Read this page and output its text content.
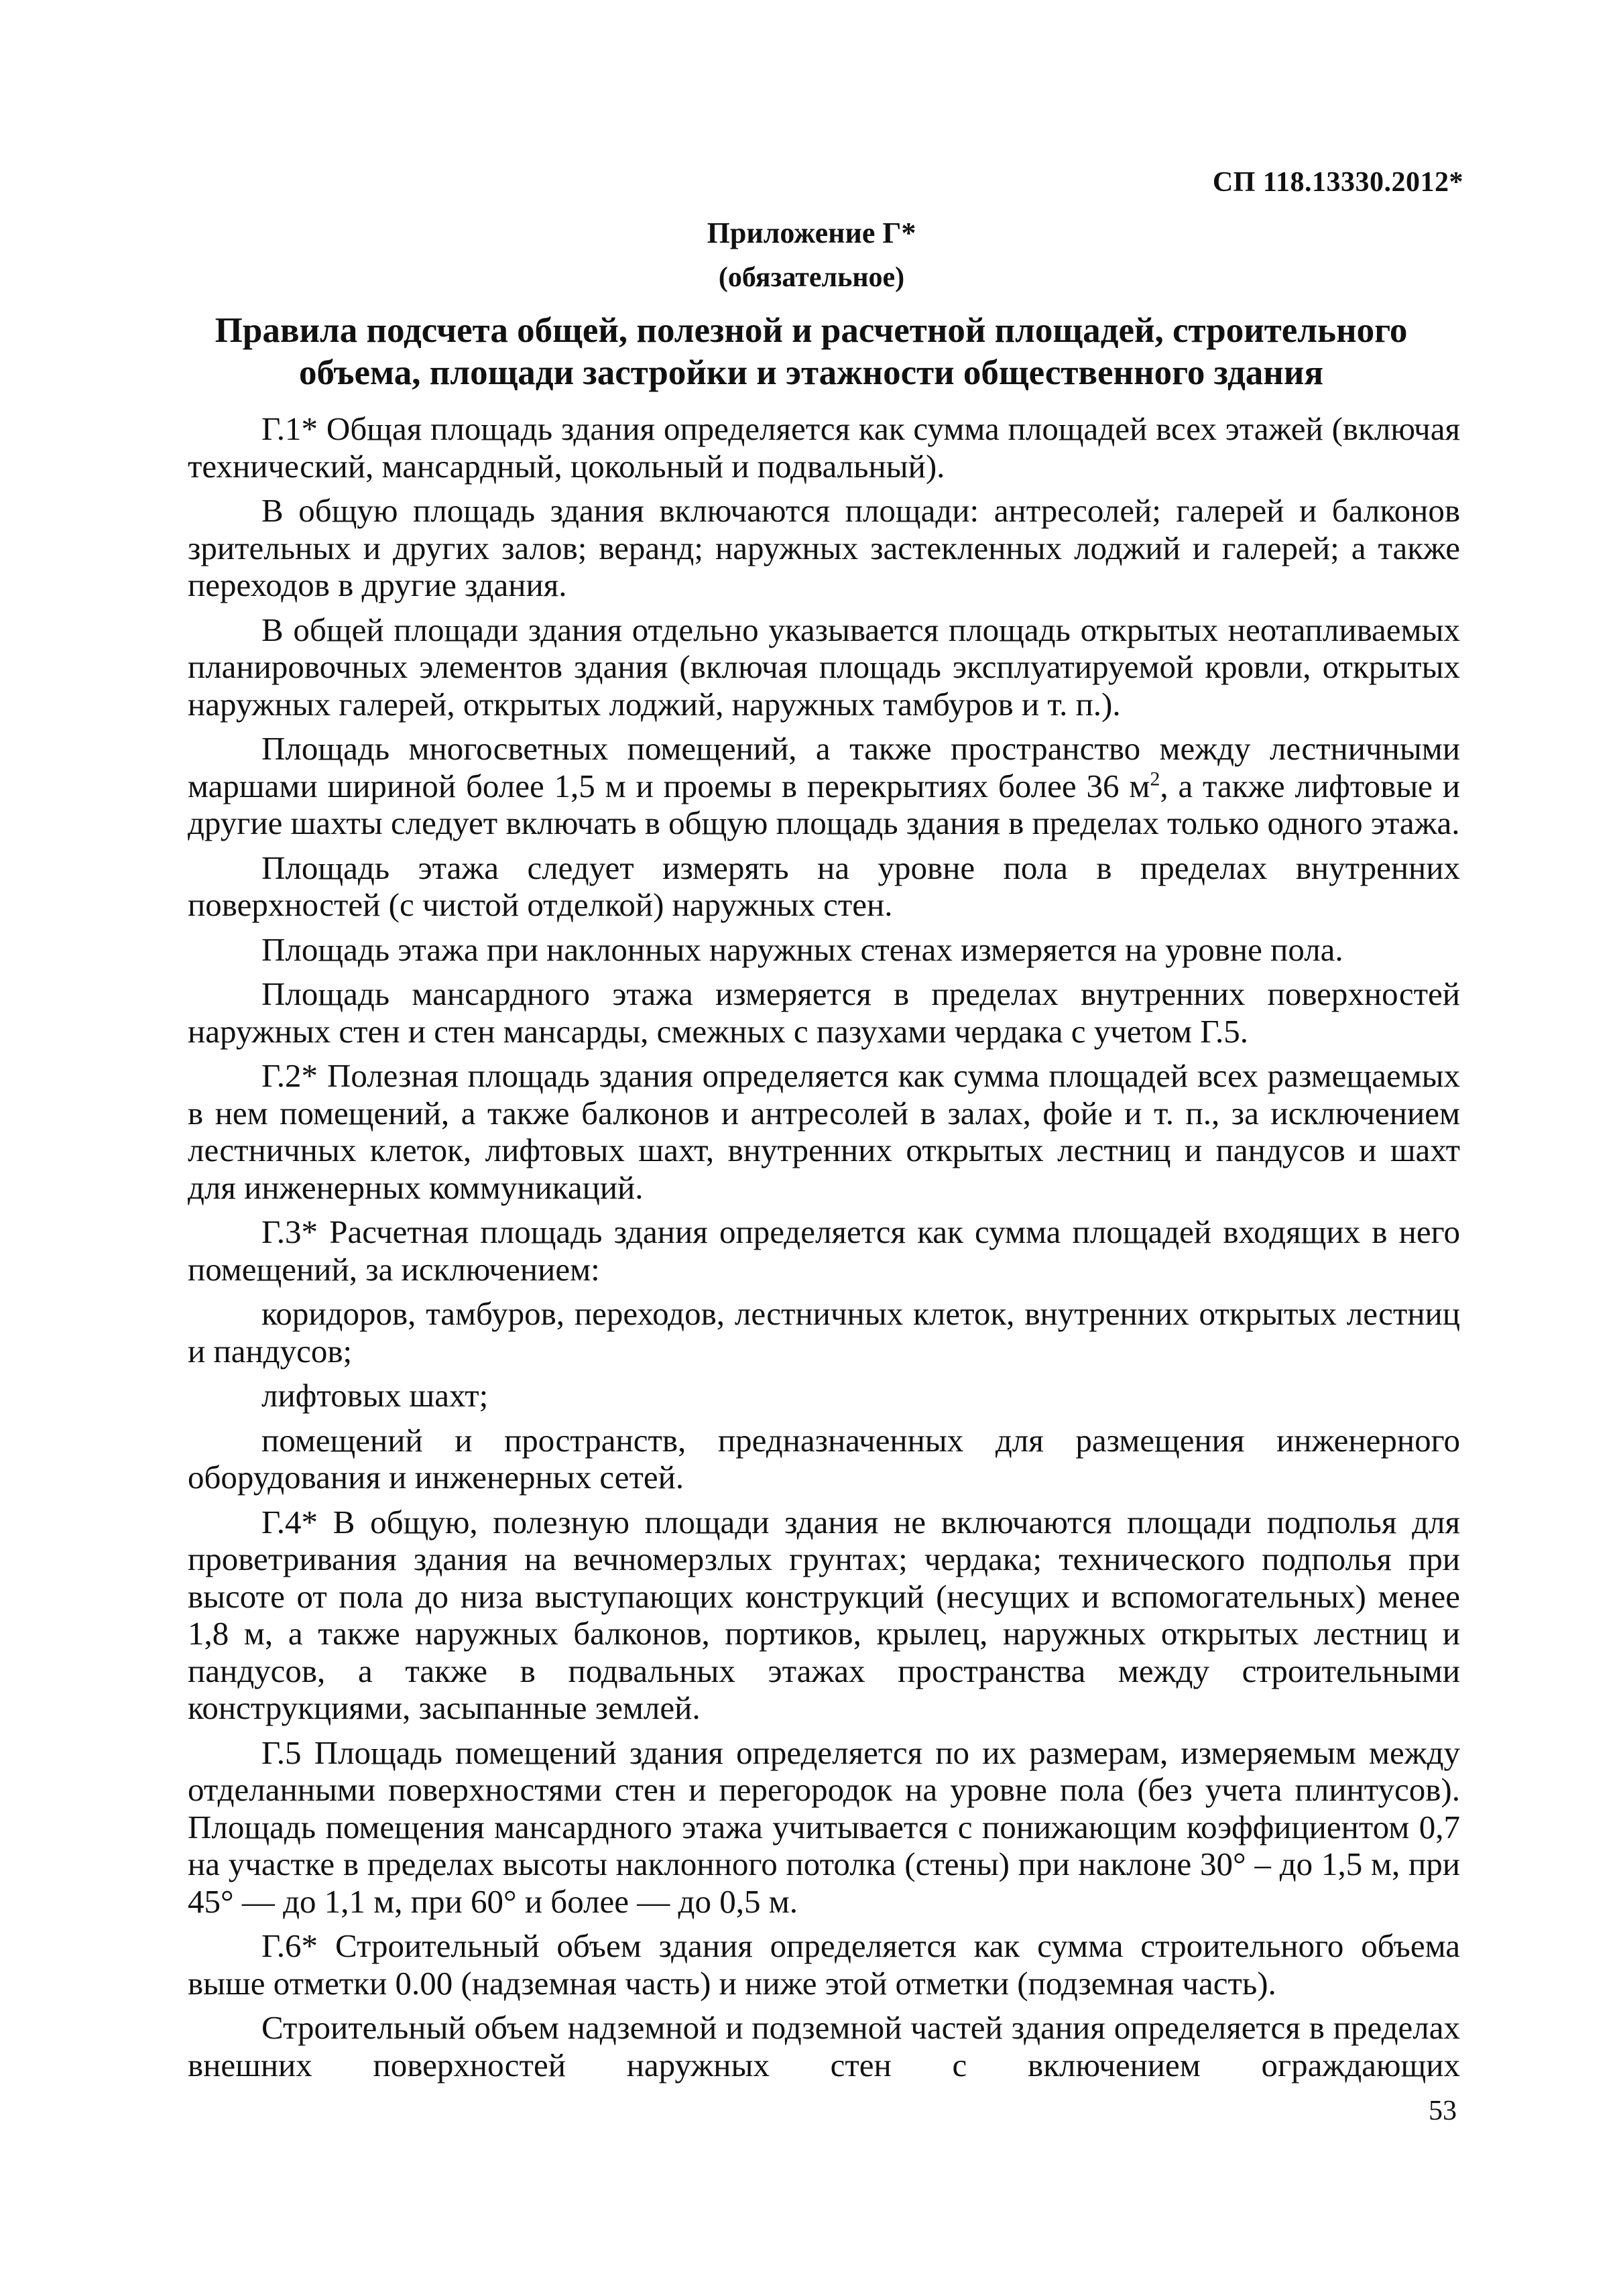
СП 118.13330.2012*
Приложение Г*
(обязательное)
Правила подсчета общей, полезной и расчетной площадей, строительного объема, площади застройки и этажности общественного здания

Г.1* Общая площадь здания определяется как сумма площадей всех этажей (включая технический, мансардный, цокольный и подвальный).

В общую площадь здания включаются площади: антресолей; галерей и балконов зрительных и других залов; веранд; наружных застекленных лоджий и галерей; а также переходов в другие здания.

В общей площади здания отдельно указывается площадь открытых неотапливаемых планировочных элементов здания (включая площадь эксплуатируемой кровли, открытых наружных галерей, открытых лоджий, наружных тамбуров и т. п.).

Площадь многосветных помещений, а также пространство между лестничными маршами шириной более 1,5 м и проемы в перекрытиях более 36 $м^2$, а также лифтовые и другие шахты следует включать в общую площадь здания в пределах только одного этажа.

Площадь этажа следует измерять на уровне пола в пределах внутренних поверхностей (с чистой отделкой) наружных стен.

Площадь этажа при наклонных наружных стенах измеряется на уровне пола.

Площадь мансардного этажа измеряется в пределах внутренних поверхностей наружных стен и стен мансарды, смежных с пазухами чердака с учетом Г.5.

Г.2* Полезная площадь здания определяется как сумма площадей всех размещаемых в нем помещений, а также балконов и антресолей в залах, фойе и т. п., за исключением лестничных клеток, лифтовых шахт, внутренних открытых лестниц и пандусов и шахт для инженерных коммуникаций.

Г.3* Расчетная площадь здания определяется как сумма площадей входящих в него помещений, за исключением:

коридоров, тамбуров, переходов, лестничных клеток, внутренних открытых лестниц и пандусов;

лифтовых шахт;

помещений и пространств, предназначенных для размещения инженерного оборудования и инженерных сетей.

Г.4* В общую, полезную площади здания не включаются площади подполья для проветривания здания на вечномерзлых грунтах; чердака; технического подполья при высоте от пола до низа выступающих конструкций (несущих и вспомогательных) менее 1,8 м, а также наружных балконов, портиков, крылец, наружных открытых лестниц и пандусов, а также в подвальных этажах пространства между строительными конструкциями, засыпанные землей.

Г.5 Площадь помещений здания определяется по их размерам, измеряемым между отделанными поверхностями стен и перегородок на уровне пола (без учета плинтусов). Площадь помещения мансардного этажа учитывается с понижающим коэффициентом 0,7 на участке в пределах высоты наклонного потолка (стены) при наклоне 30° – до 1,5 м, при 45° — до 1,1 м, при 60° и более — до 0,5 м.

Г.6* Строительный объем здания определяется как сумма строительного объема выше отметки 0.00 (надземная часть) и ниже этой отметки (подземная часть).

Строительный объем надземной и подземной частей здания определяется в пределах внешних поверхностей наружных стен с включением ограждающих

53
